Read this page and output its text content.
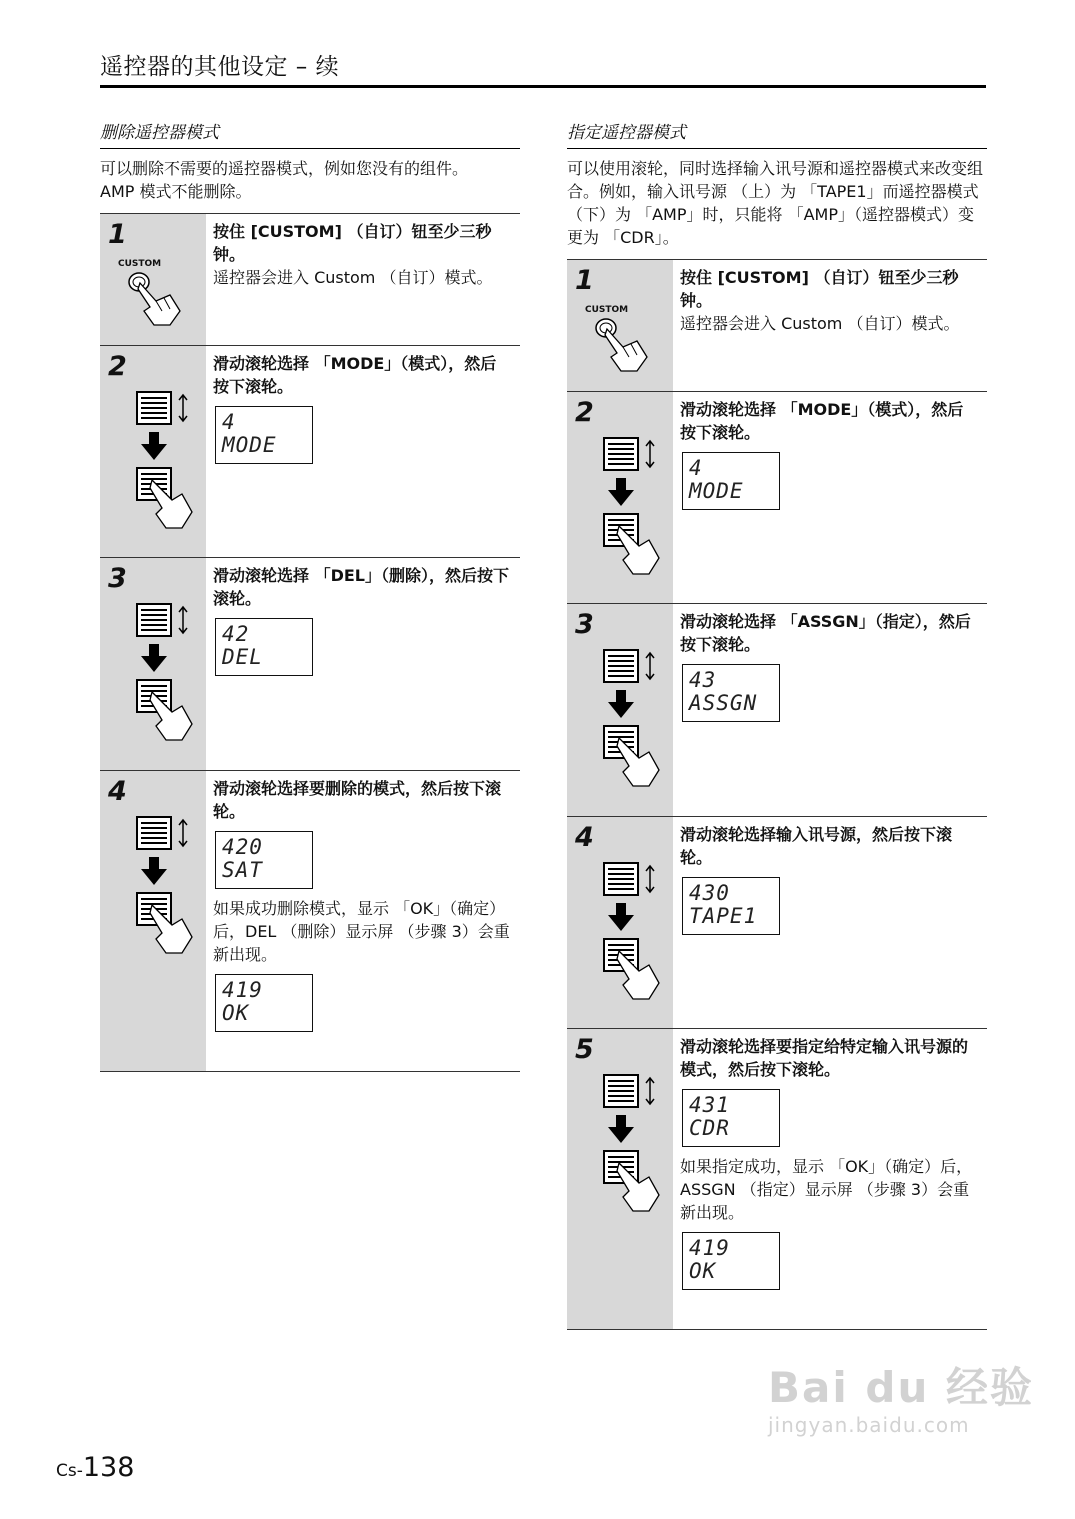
遥控器的其他设定 – 续
删除遥控器模式

可以删除不需要的遥控器模式，例如您没有的组件。

AMP 模式不能删除。

1
CUSTOM

按住 [CUSTOM] （自订）钮至少三秒钟。

遥控器会进入 Custom （自订）模式。

2	滑动滚轮选择 「MODE」（模式），然后按下滚轮。

4
MODE
3	滑动滚轮选择 「DEL」（删除），然后按下滚轮。

42
DEL
4	滑动滚轮选择要删除的模式，然后按下滚轮。

420
SAT

如果成功删除模式，显示 「OK」（确定）后，DEL （删除）显示屏 （步骤 3）会重新出现。

419
OK
指定遥控器模式

可以使用滚轮，同时选择输入讯号源和遥控器模式来改变组合。例如，输入讯号源 （上）为 「TAPE1」而遥控器模式 （下）为 「AMP」时，只能将 「AMP」（遥控器模式）变更为 「CDR」。

1
CUSTOM

按住 [CUSTOM] （自订）钮至少三秒钟。

遥控器会进入 Custom （自订）模式。

2	滑动滚轮选择 「MODE」（模式），然后按下滚轮。

4
MODE
3	滑动滚轮选择 「ASSGN」（指定），然后按下滚轮。

43
ASSGN
4	滑动滚轮选择输入讯号源，然后按下滚轮。

430
TAPE1
5	滑动滚轮选择要指定给特定输入讯号源的模式，然后按下滚轮。

431
CDR

如果指定成功，显示 「OK」（确定）后，ASSGN （指定）显示屏 （步骤 3）会重新出现。

419
OK
Cs-138
Bai du 经验
jingyan.baidu.com
